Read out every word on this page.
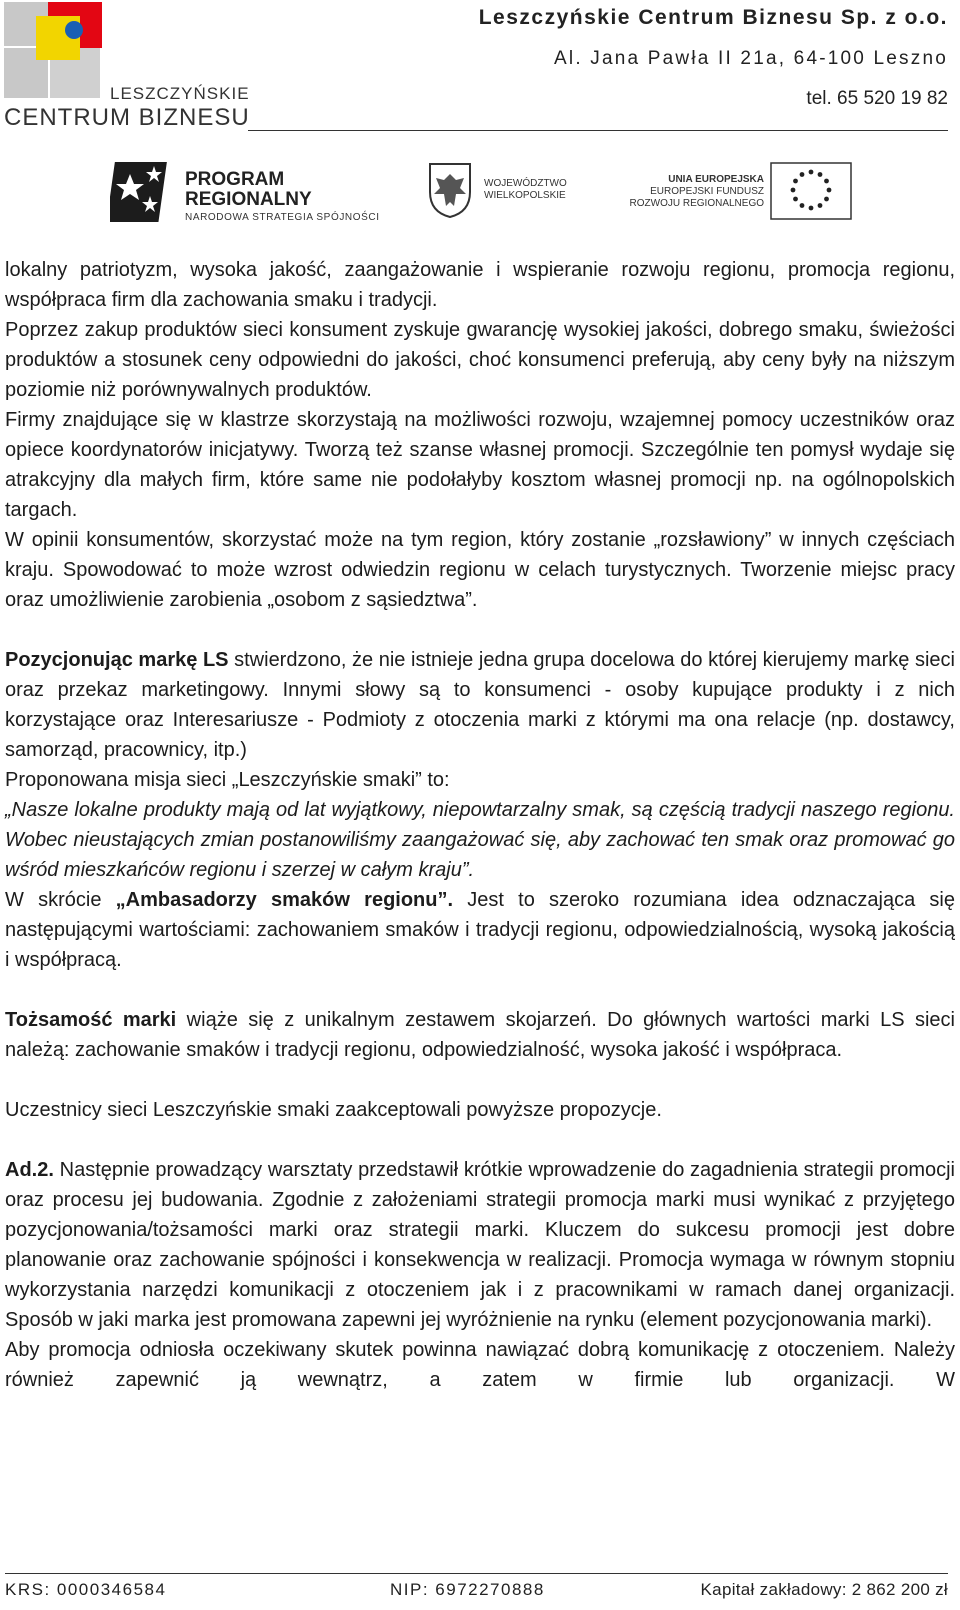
LESZCZYŃSKIE
CENTRUM BIZNESU
Leszczyńskie Centrum Biznesu Sp. z o.o.
Al. Jana Pawła II 21a, 64-100 Leszno
tel. 65 520 19 82
PROGRAM
REGIONALNY
NARODOWA STRATEGIA SPÓJNOŚCI
WOJEWÓDZTWO
WIELKOPOLSKIE
UNIA EUROPEJSKA
EUROPEJSKI FUNDUSZ
ROZWOJU REGIONALNEGO

lokalny patriotyzm, wysoka jakość, zaangażowanie i wspieranie rozwoju regionu, promocja regionu, współpraca firm dla zachowania smaku i tradycji.

Poprzez zakup produktów sieci konsument zyskuje gwarancję wysokiej jakości, dobrego smaku, świeżości produktów a stosunek ceny odpowiedni do jakości, choć konsumenci preferują, aby ceny były na niższym poziomie niż porównywalnych produktów.

Firmy znajdujące się w klastrze skorzystają na możliwości rozwoju, wzajemnej pomocy uczestników oraz opiece koordynatorów inicjatywy. Tworzą też szanse własnej promocji. Szczególnie ten pomysł wydaje się atrakcyjny dla małych firm, które same nie podołałyby kosztom własnej promocji np. na ogólnopolskich targach.

W opinii konsumentów, skorzystać może na tym region, który zostanie „rozsławiony” w innych częściach kraju. Spowodować to może wzrost odwiedzin regionu w celach turystycznych. Tworzenie miejsc pracy oraz umożliwienie zarobienia „osobom z sąsiedztwa”.

Pozycjonując markę LS stwierdzono, że nie istnieje jedna grupa docelowa do której kierujemy markę sieci oraz przekaz marketingowy. Innymi słowy są to konsumenci - osoby kupujące produkty i z nich korzystające oraz Interesariusze - Podmioty z otoczenia marki z którymi ma ona relacje (np. dostawcy, samorząd, pracownicy, itp.)

Proponowana misja sieci „Leszczyńskie smaki” to:

„Nasze lokalne produkty mają od lat wyjątkowy, niepowtarzalny smak, są częścią tradycji naszego regionu. Wobec nieustających zmian postanowiliśmy zaangażować się, aby zachować ten smak oraz promować go wśród mieszkańców regionu i szerzej w całym kraju”.

W skrócie „Ambasadorzy smaków regionu”. Jest to szeroko rozumiana idea odznaczająca się następującymi wartościami: zachowaniem smaków i tradycji regionu, odpowiedzialnością, wysoką jakością i współpracą.

Tożsamość marki wiąże się z unikalnym zestawem skojarzeń. Do głównych wartości marki LS sieci należą: zachowanie smaków i tradycji regionu, odpowiedzialność, wysoka jakość i współpraca.

Uczestnicy sieci Leszczyńskie smaki zaakceptowali powyższe propozycje.

Ad.2. Następnie prowadzący warsztaty przedstawił krótkie wprowadzenie do zagadnienia strategii promocji oraz procesu jej budowania. Zgodnie z założeniami strategii promocja marki musi wynikać z przyjętego pozycjonowania/tożsamości marki oraz strategii marki. Kluczem do sukcesu promocji jest dobre planowanie oraz zachowanie spójności i konsekwencja w realizacji. Promocja wymaga w równym stopniu wykorzystania narzędzi komunikacji z otoczeniem jak i z pracownikami w ramach danej organizacji. Sposób w jaki marka jest promowana zapewni jej wyróżnienie na rynku (element pozycjonowania marki).

Aby promocja odniosła oczekiwany skutek powinna nawiązać dobrą komunikację z otoczeniem. Należy również zapewnić ją wewnątrz, a zatem w firmie lub organizacji. W

KRS: 0000346584	NIP: 6972270888	Kapitał zakładowy: 2 862 200 zł
